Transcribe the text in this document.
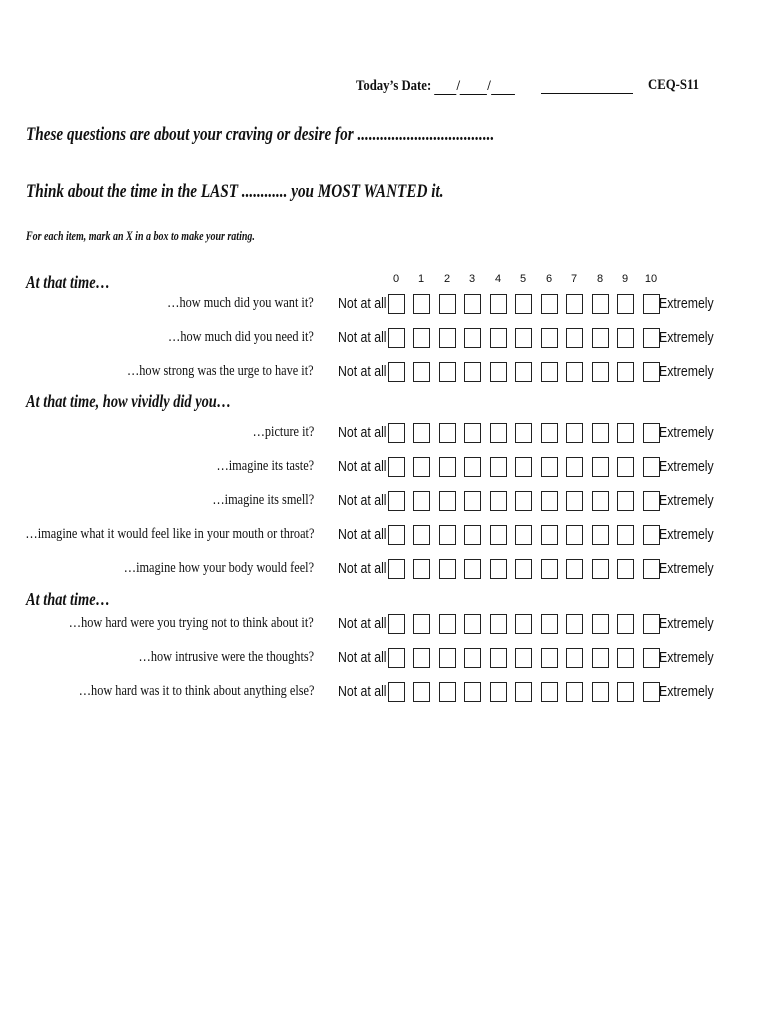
Today’s Date: / /	CEQ-S11
These questions are about your craving or desire for ....................................
Think about the time in the LAST ............ you MOST WANTED it.
For each item, mark an X in a box to make your rating.
At that time…
At that time, how vividly did you…
At that time…
0	1	2	3	4	5	6	7	8	9	10
…how much did you want it? Not at all	Extremely
…how much did you need it? Not at all	Extremely
…how strong was the urge to have it? Not at all	Extremely
…picture it? Not at all	Extremely
…imagine its taste? Not at all	Extremely
…imagine its smell? Not at all	Extremely
…imagine what it would feel like in your mouth or throat? Not at all	Extremely
…imagine how your body would feel? Not at all	Extremely
…how hard were you trying not to think about it? Not at all	Extremely
…how intrusive were the thoughts? Not at all	Extremely
…how hard was it to think about anything else? Not at all	Extremely
